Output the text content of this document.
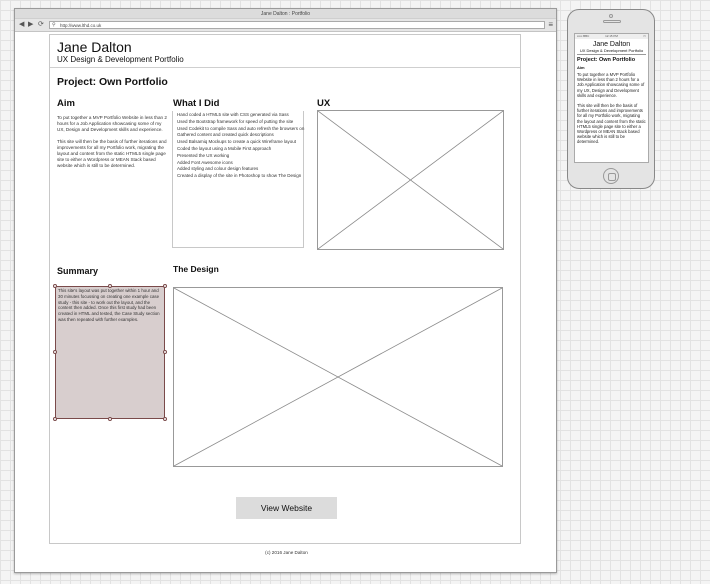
Jane Dalton : Portfolio
◀ ▶ ⟳ ⚲ http://www.lthd.co.uk	≡
Jane Dalton
UX Design & Development Portfolio
Project: Own Portfolio
Aim

To put together a MVP Portfolio Website in less than 2 hours for a Job Application showcasing some of my UX, Design and Development skills and experience.

This site will then be the basis of further iterations and improvements for all my Portfolio work, migrating the layout and content from the static HTML5 single page site to either a Wordpress or MEAN Stack based website which is still to be determined.

What I Did
Hand coded a HTML5 site with CSS generated via Sass
Used the Bootstrap framework for speed of putting the site
Used Codekit to compile Sass and auto refresh the browsers on
Gathered content and created quick descriptions
Used Balsamiq Mockups to create a quick Wireframe layout
Coded the layout using a Mobile First approach
Presented the UX working
Added Font Awesome icons
Added styling and colour design features
Created a display of the site in Photoshop to show The Design
UX
Summary
This site's layout was put together within 1 hour and 30 minutes focussing on creating one example case study - this site - to work out the layout, and the content then added. Once this first study had been created in HTML and tested, the Case Study section was then repeated with further examples.
The Design
View Website
(c) 2016 Jane Dalton
▪▪▪▪▪ BBC	12:15 PM	▭
Jane Dalton
UX Design & Development Portfolio
Project: Own Portfolio
Aim

To put together a MVP Portfolio Website in less than 2 hours for a Job Application showcasing some of my UX, Design and Development skills and experience.

This site will then be the basis of further iterations and improvements for all my Portfolio work, migrating the layout and content from the static HTML5 single page site to either a Wordpress or MEAN Stack based website which is still to be determined.
